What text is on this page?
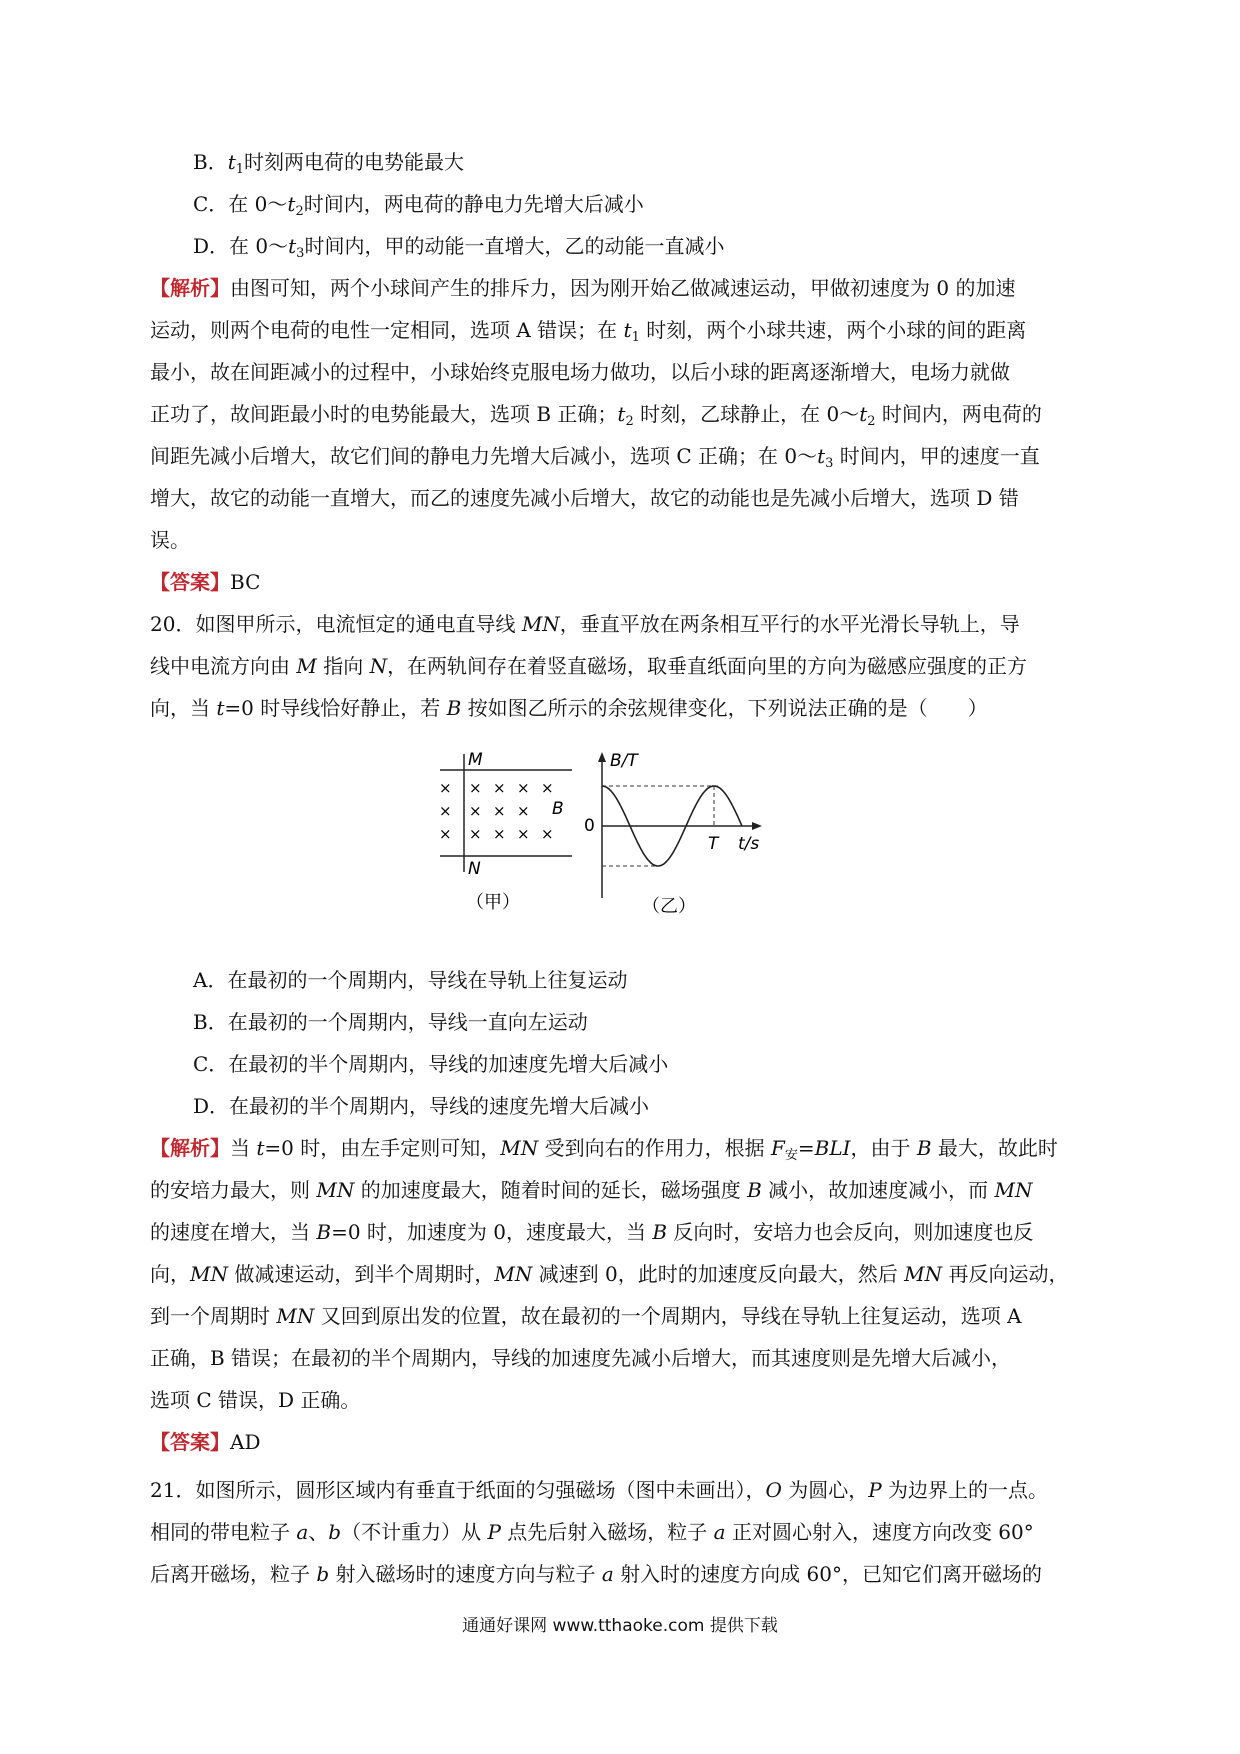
B．$t_1$时刻两电荷的电势能最大
C．在 $0\sim t_2$时间内，两电荷的静电力先增大后减小
D．在 $0\sim t_3$时间内，甲的动能一直增大，乙的动能一直减小
【解析】由图可知，两个小球间产生的排斥力，因为刚开始乙做减速运动，甲做初速度为 0 的加速
运动，则两个电荷的电性一定相同，选项 A 错误；在 $t_1$ 时刻，两个小球共速，两个小球的间的距离
最小，故在间距减小的过程中，小球始终克服电场力做功，以后小球的距离逐渐增大，电场力就做
正功了，故间距最小时的电势能最大，选项 B 正确；$t_2$ 时刻，乙球静止，在 $0\sim t_2$ 时间内，两电荷的
间距先减小后增大，故它们间的静电力先增大后减小，选项 C 正确；在 $0\sim t_3$ 时间内，甲的速度一直
增大，故它的动能一直增大，而乙的速度先减小后增大，故它的动能也是先减小后增大，选项 D 错
误。
【答案】BC
20．如图甲所示，电流恒定的通电直导线 MN，垂直平放在两条相互平行的水平光滑长导轨上，导
线中电流方向由 M 指向 N，在两轨间存在着竖直磁场，取垂直纸面向里的方向为磁感应强度的正方
向，当 t=0 时导线恰好静止，若 B 按如图乙所示的余弦规律变化，下列说法正确的是（　　）
M
N
B
× × × × ×
× × × ×
× × × × ×
（甲）
B/T
0
T t/s
（乙）
A．在最初的一个周期内，导线在导轨上往复运动
B．在最初的一个周期内，导线一直向左运动
C．在最初的半个周期内，导线的加速度先增大后减小
D．在最初的半个周期内，导线的速度先增大后减小
【解析】当 t=0 时，由左手定则可知，MN 受到向右的作用力，根据 $F_安=BLI$，由于 B 最大，故此时
的安培力最大，则 MN 的加速度最大，随着时间的延长，磁场强度 B 减小，故加速度减小，而 MN
的速度在增大，当 B=0 时，加速度为 0，速度最大，当 B 反向时，安培力也会反向，则加速度也反
向，MN 做减速运动，到半个周期时，MN 减速到 0，此时的加速度反向最大，然后 MN 再反向运动，
到一个周期时 MN 又回到原出发的位置，故在最初的一个周期内，导线在导轨上往复运动，选项 A
正确，B 错误；在最初的半个周期内，导线的加速度先减小后增大，而其速度则是先增大后减小，
选项 C 错误，D 正确。
【答案】AD
21．如图所示，圆形区域内有垂直于纸面的匀强磁场（图中未画出），O 为圆心，P 为边界上的一点。
相同的带电粒子 a、b（不计重力）从 P 点先后射入磁场，粒子 a 正对圆心射入，速度方向改变 60°
后离开磁场，粒子 b 射入磁场时的速度方向与粒子 a 射入时的速度方向成 60°，已知它们离开磁场的
通通好课网 www.tthaoke.com 提供下载
